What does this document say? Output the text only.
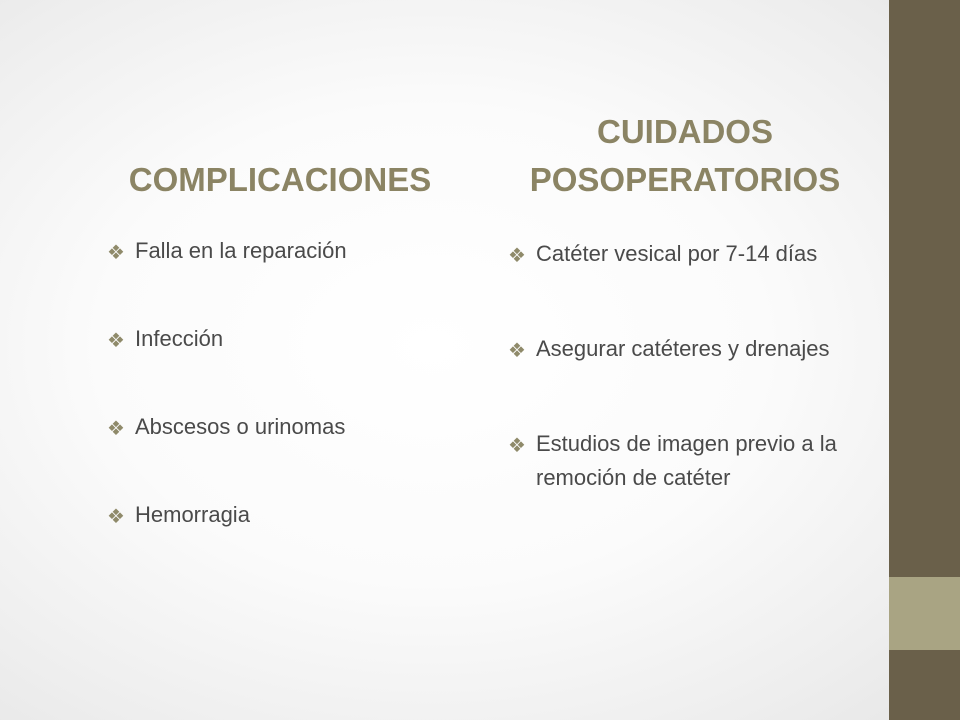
COMPLICACIONES
CUIDADOS POSOPERATORIOS
❖ Falla en la reparación
❖ Infección
❖ Abscesos o urinomas
❖ Hemorragia
❖ Catéter vesical por 7-14 días
❖ Asegurar catéteres y drenajes
❖ Estudios de imagen previo a la remoción de catéter
